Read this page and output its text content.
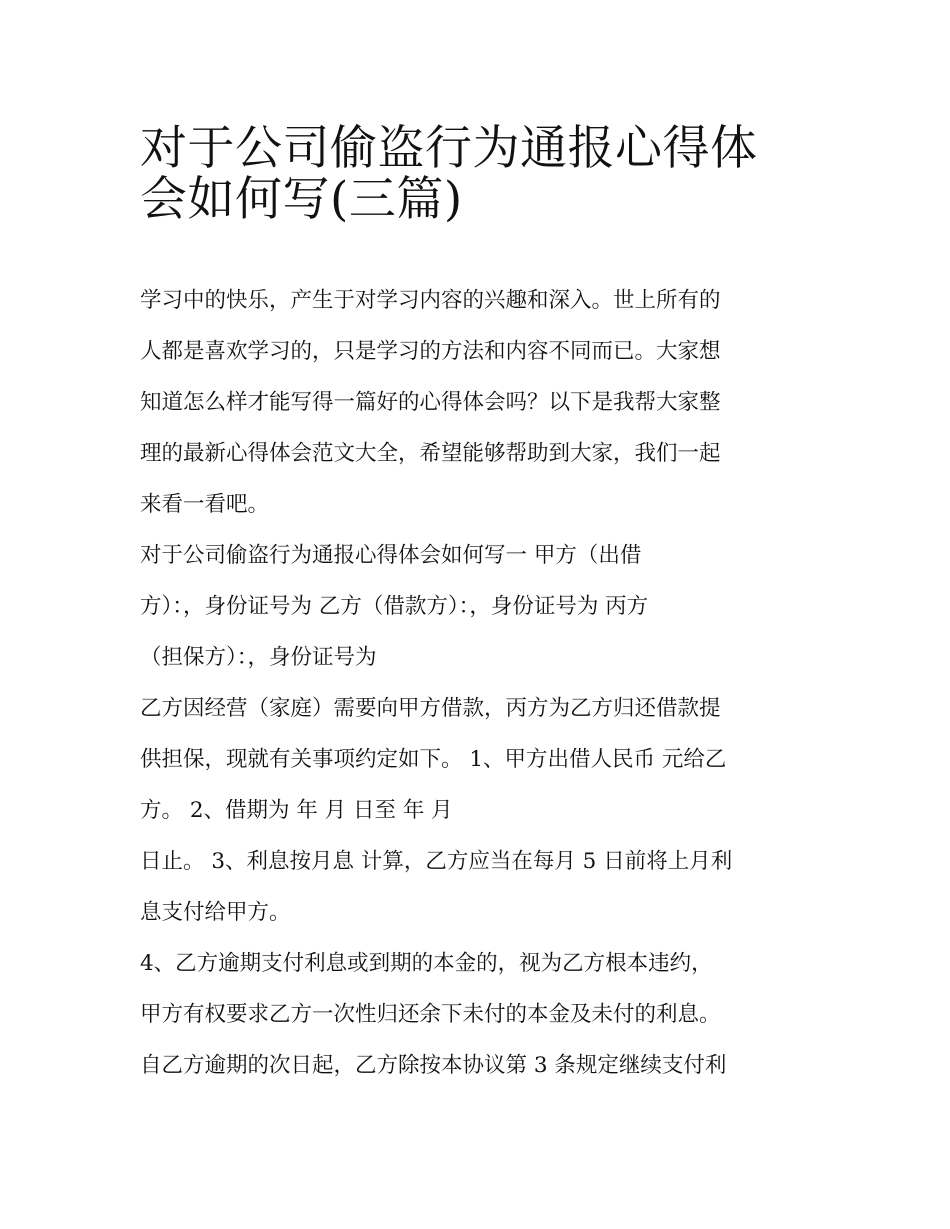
对于公司偷盗行为通报心得体
会如何写(三篇)

学习中的快乐，产生于对学习内容的兴趣和深入。世上所有的
人都是喜欢学习的，只是学习的方法和内容不同而已。大家想
知道怎么样才能写得一篇好的心得体会吗？以下是我帮大家整
理的最新心得体会范文大全，希望能够帮助到大家，我们一起
来看一看吧。

对于公司偷盗行为通报心得体会如何写一 甲方（出借
方）：，身份证号为 乙方（借款方）：，身份证号为 丙方
（担保方）：，身份证号为

乙方因经营（家庭）需要向甲方借款，丙方为乙方归还借款提
供担保，现就有关事项约定如下。 1、甲方出借人民币 元给乙
方。 2、借期为 年 月 日至 年 月

日止。 3、利息按月息 计算，乙方应当在每月 5 日前将上月利
息支付给甲方。

4、乙方逾期支付利息或到期的本金的，视为乙方根本违约，
甲方有权要求乙方一次性归还余下未付的本金及未付的利息。
自乙方逾期的次日起，乙方除按本协议第 3 条规定继续支付利
